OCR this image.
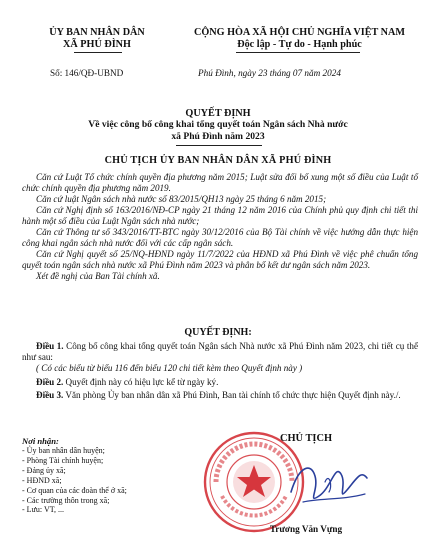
ỦY BAN NHÂN DÂN
XÃ PHÚ ĐÌNH
CỘNG HÒA XÃ HỘI CHỦ NGHĨA VIỆT NAM
Độc lập - Tự do - Hạnh phúc
Số: 146/QĐ-UBND	Phú Đình, ngày 23 tháng 07 năm 2024
QUYẾT ĐỊNH
Về việc công bố công khai tổng quyết toán Ngân sách Nhà nước
xã Phú Đình năm 2023
CHỦ TỊCH ỦY BAN NHÂN DÂN XÃ PHÚ ĐÌNH

Căn cứ Luật Tổ chức chính quyền địa phương năm 2015; Luật sửa đổi bổ xung một số điều của Luật tổ chức chính quyền địa phương năm 2019.

Căn cứ luật Ngân sách nhà nước số 83/2015/QH13 ngày 25 tháng 6 năm 2015;

Căn cứ Nghị định số 163/2016/NĐ-CP ngày 21 tháng 12 năm 2016 của Chính phủ quy định chi tiết thi hành một số điều của Luật Ngân sách nhà nước;

Căn cứ Thông tư số 343/2016/TT-BTC ngày 30/12/2016 của Bộ Tài chính về việc hướng dẫn thực hiện công khai ngân sách nhà nước đối với các cấp ngân sách.

Căn cứ Nghị quyết số 25/NQ-HĐND ngày 11/7/2022 của HĐND xã Phú Đình về việc phê chuẩn tổng quyết toán ngân sách nhà nước xã Phú Đình năm 2023 và phân bổ kết dư ngân sách năm 2023.

Xét đề nghị của Ban Tài chính xã.

QUYẾT ĐỊNH:

Điều 1. Công bố công khai tổng quyết toán Ngân sách Nhà nước xã Phú Đình năm 2023, chi tiết cụ thể như sau:

( Có các biểu từ biểu 116 đến biểu 120 chi tiết kèm theo Quyết định này )

Điều 2. Quyết định này có hiệu lực kể từ ngày ký.

Điều 3. Văn phòng Ủy ban nhân dân xã Phú Đình, Ban tài chính tổ chức thực hiện Quyết định này./.

Nơi nhận:
- Ủy ban nhân dân huyện;
- Phòng Tài chính huyện;
- Đảng ủy xã;
- HĐND xã;
- Cơ quan của các đoàn thể ở xã;
- Các trường thôn trong xã;
- Lưu: VT, ...
CHỦ TỊCH
Trương Văn Vựng
